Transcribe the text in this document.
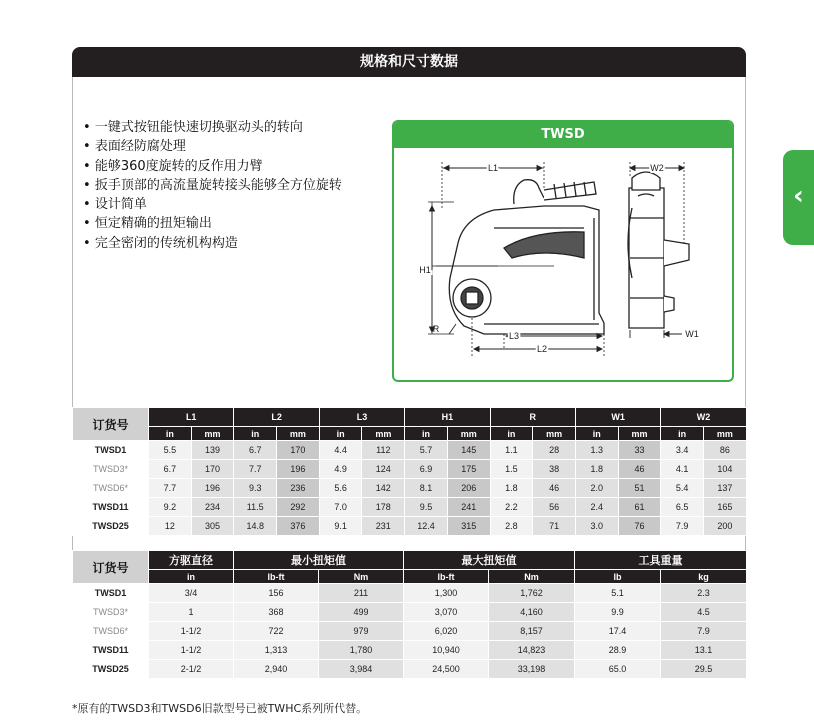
规格和尺寸数据
• 一键式按钮能快速切换驱动头的转向
• 表面经防腐处理
• 能够360度旋转的反作用力臂
• 扳手顶部的高流量旋转接头能够全方位旋转
• 设计简单
• 恒定精确的扭矩输出
• 完全密闭的传统机构构造
TWSD
L1
H1
R
L3
L2
W2
W1
订货号	L1		L2		L3		H1		R		W1		W2	
	in	mm	in	mm	in	mm	in	mm	in	mm	in	mm	in	mm
TWSD1	5.5	139	6.7	170	4.4	112	5.7	145	1.1	28	1.3	33	3.4	86
TWSD3*	6.7	170	7.7	196	4.9	124	6.9	175	1.5	38	1.8	46	4.1	104
TWSD6*	7.7	196	9.3	236	5.6	142	8.1	206	1.8	46	2.0	51	5.4	137
TWSD11	9.2	234	11.5	292	7.0	178	9.5	241	2.2	56	2.4	61	6.5	165
TWSD25	12	305	14.8	376	9.1	231	12.4	315	2.8	71	3.0	76	7.9	200
订货号	方驱直径	最小扭矩值		最大扭矩值		工具重量	
	in	lb-ft	Nm	lb-ft	Nm	lb	kg
TWSD1	3/4	156	211	1,300	1,762	5.1	2.3
TWSD3*	1	368	499	3,070	4,160	9.9	4.5
TWSD6*	1-1/2	722	979	6,020	8,157	17.4	7.9
TWSD11	1-1/2	1,313	1,780	10,940	14,823	28.9	13.1
TWSD25	2-1/2	2,940	3,984	24,500	33,198	65.0	29.5
*原有的TWSD3和TWSD6旧款型号已被TWHC系列所代替。
‹
